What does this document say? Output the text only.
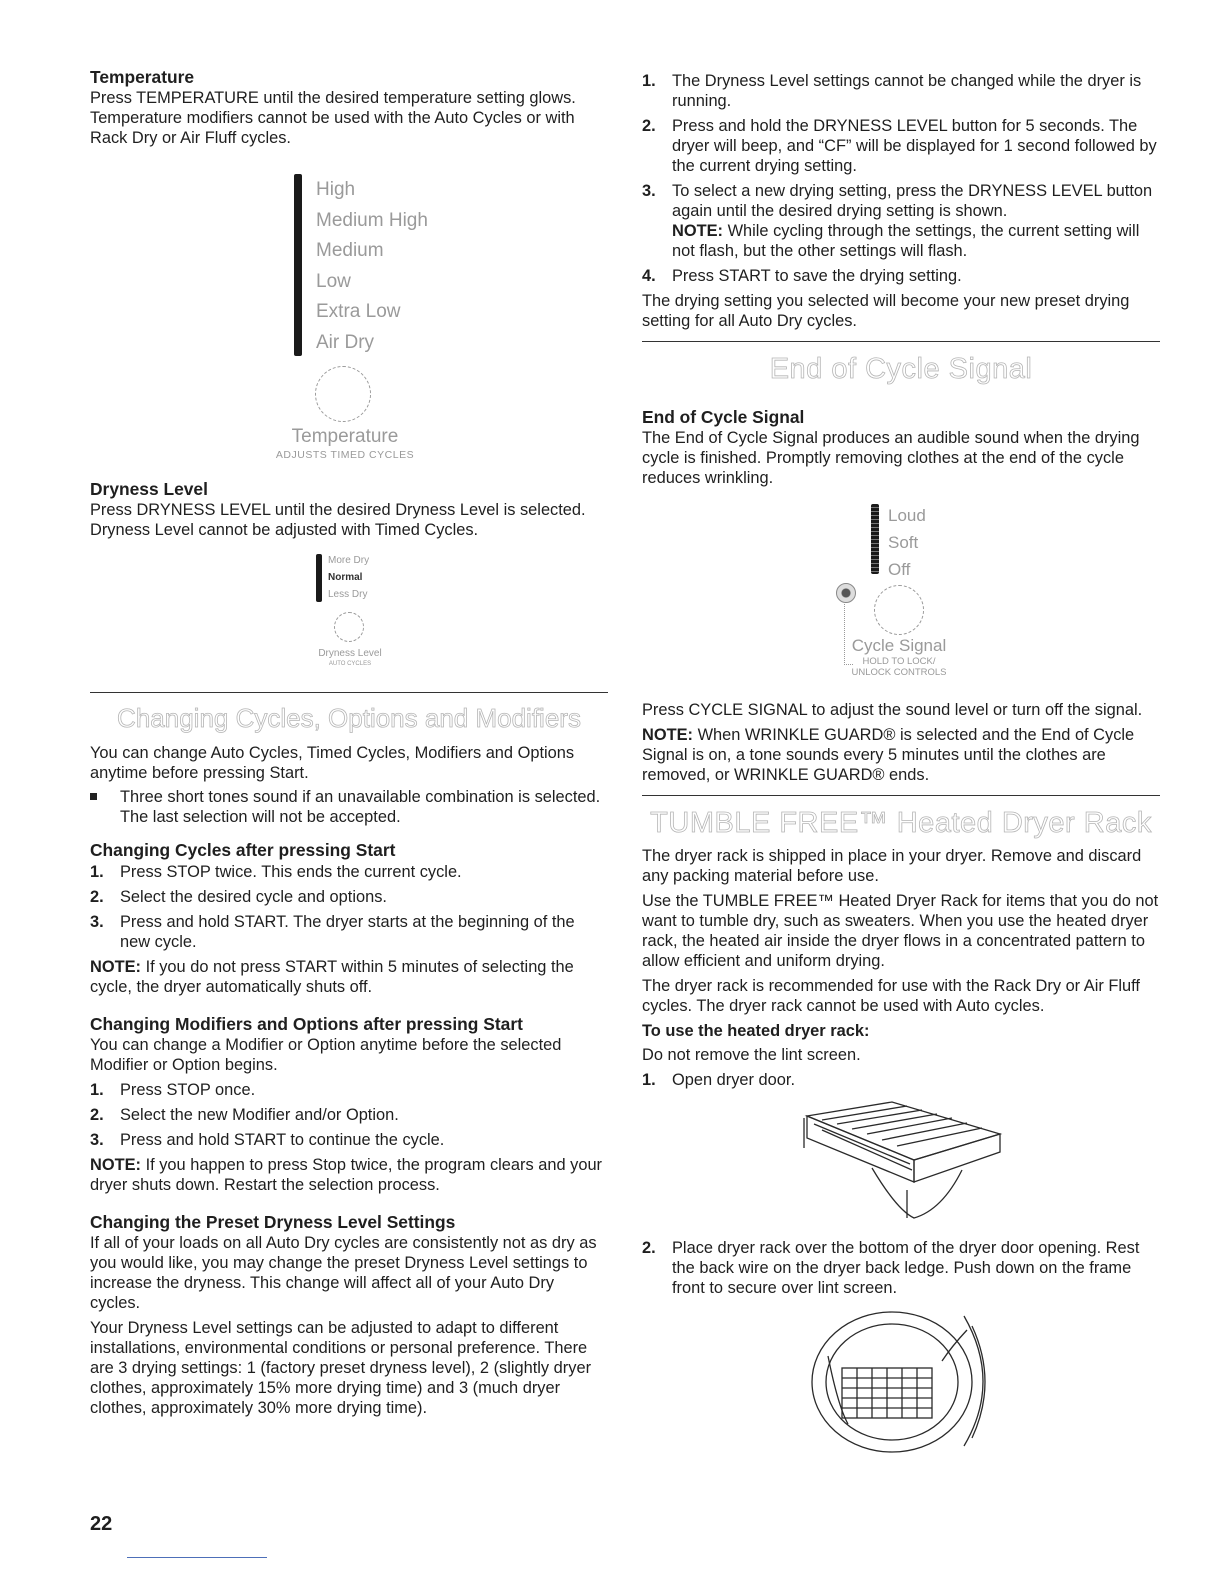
Temperature

Press TEMPERATURE until the desired temperature setting glows. Temperature modifiers cannot be used with the Auto Cycles or with Rack Dry or Air Fluff cycles.

High
Medium High
Medium
Low
Extra Low
Air Dry
Temperature
ADJUSTS TIMED CYCLES
Dryness Level

Press DRYNESS LEVEL until the desired Dryness Level is selected. Dryness Level cannot be adjusted with Timed Cycles.

More Dry
Normal
Less Dry
Dryness Level
AUTO CYCLES
Changing Cycles, Options and Modifiers

You can change Auto Cycles, Timed Cycles, Modifiers and Options anytime before pressing Start.

Three short tones sound if an unavailable combination is selected. The last selection will not be accepted.
Changing Cycles after pressing Start
1. Press STOP twice. This ends the current cycle.
2. Select the desired cycle and options.
3. Press and hold START. The dryer starts at the beginning of the new cycle.

NOTE: If you do not press START within 5 minutes of selecting the cycle, the dryer automatically shuts off.

Changing Modifiers and Options after pressing Start

You can change a Modifier or Option anytime before the selected Modifier or Option begins.

1. Press STOP once.
2. Select the new Modifier and/or Option.
3. Press and hold START to continue the cycle.

NOTE: If you happen to press Stop twice, the program clears and your dryer shuts down. Restart the selection process.

Changing the Preset Dryness Level Settings

If all of your loads on all Auto Dry cycles are consistently not as dry as you would like, you may change the preset Dryness Level settings to increase the dryness. This change will affect all of your Auto Dry cycles.

Your Dryness Level settings can be adjusted to adapt to different installations, environmental conditions or personal preference. There are 3 drying settings: 1 (factory preset dryness level), 2 (slightly dryer clothes, approximately 15% more drying time) and 3 (much dryer clothes, approximately 30% more drying time).

1. The Dryness Level settings cannot be changed while the dryer is running.
2. Press and hold the DRYNESS LEVEL button for 5 seconds. The dryer will beep, and “CF” will be displayed for 1 second followed by the current drying setting.
3. To select a new drying setting, press the DRYNESS LEVEL button again until the desired drying setting is shown.
NOTE: While cycling through the settings, the current setting will not flash, but the other settings will flash.
4. Press START to save the drying setting.

The drying setting you selected will become your new preset drying setting for all Auto Dry cycles.

End of Cycle Signal
End of Cycle Signal

The End of Cycle Signal produces an audible sound when the drying cycle is finished. Promptly removing clothes at the end of the cycle reduces wrinkling.

Loud
Soft
Off
Cycle Signal
HOLD TO LOCK/
UNLOCK CONTROLS

Press CYCLE SIGNAL to adjust the sound level or turn off the signal.

NOTE: When WRINKLE GUARD® is selected and the End of Cycle Signal is on, a tone sounds every 5 minutes until the clothes are removed, or WRINKLE GUARD® ends.

TUMBLE FREE™ Heated Dryer Rack

The dryer rack is shipped in place in your dryer. Remove and discard any packing material before use.

Use the TUMBLE FREE™ Heated Dryer Rack for items that you do not want to tumble dry, such as sweaters. When you use the heated dryer rack, the heated air inside the dryer flows in a concentrated pattern to allow efficient and uniform drying.

The dryer rack is recommended for use with the Rack Dry or Air Fluff cycles. The dryer rack cannot be used with Auto cycles.

To use the heated dryer rack:

Do not remove the lint screen.

1. Open dryer door.
2. Place dryer rack over the bottom of the dryer door opening. Rest the back wire on the dryer back ledge. Push down on the frame front to secure over lint screen.
22
